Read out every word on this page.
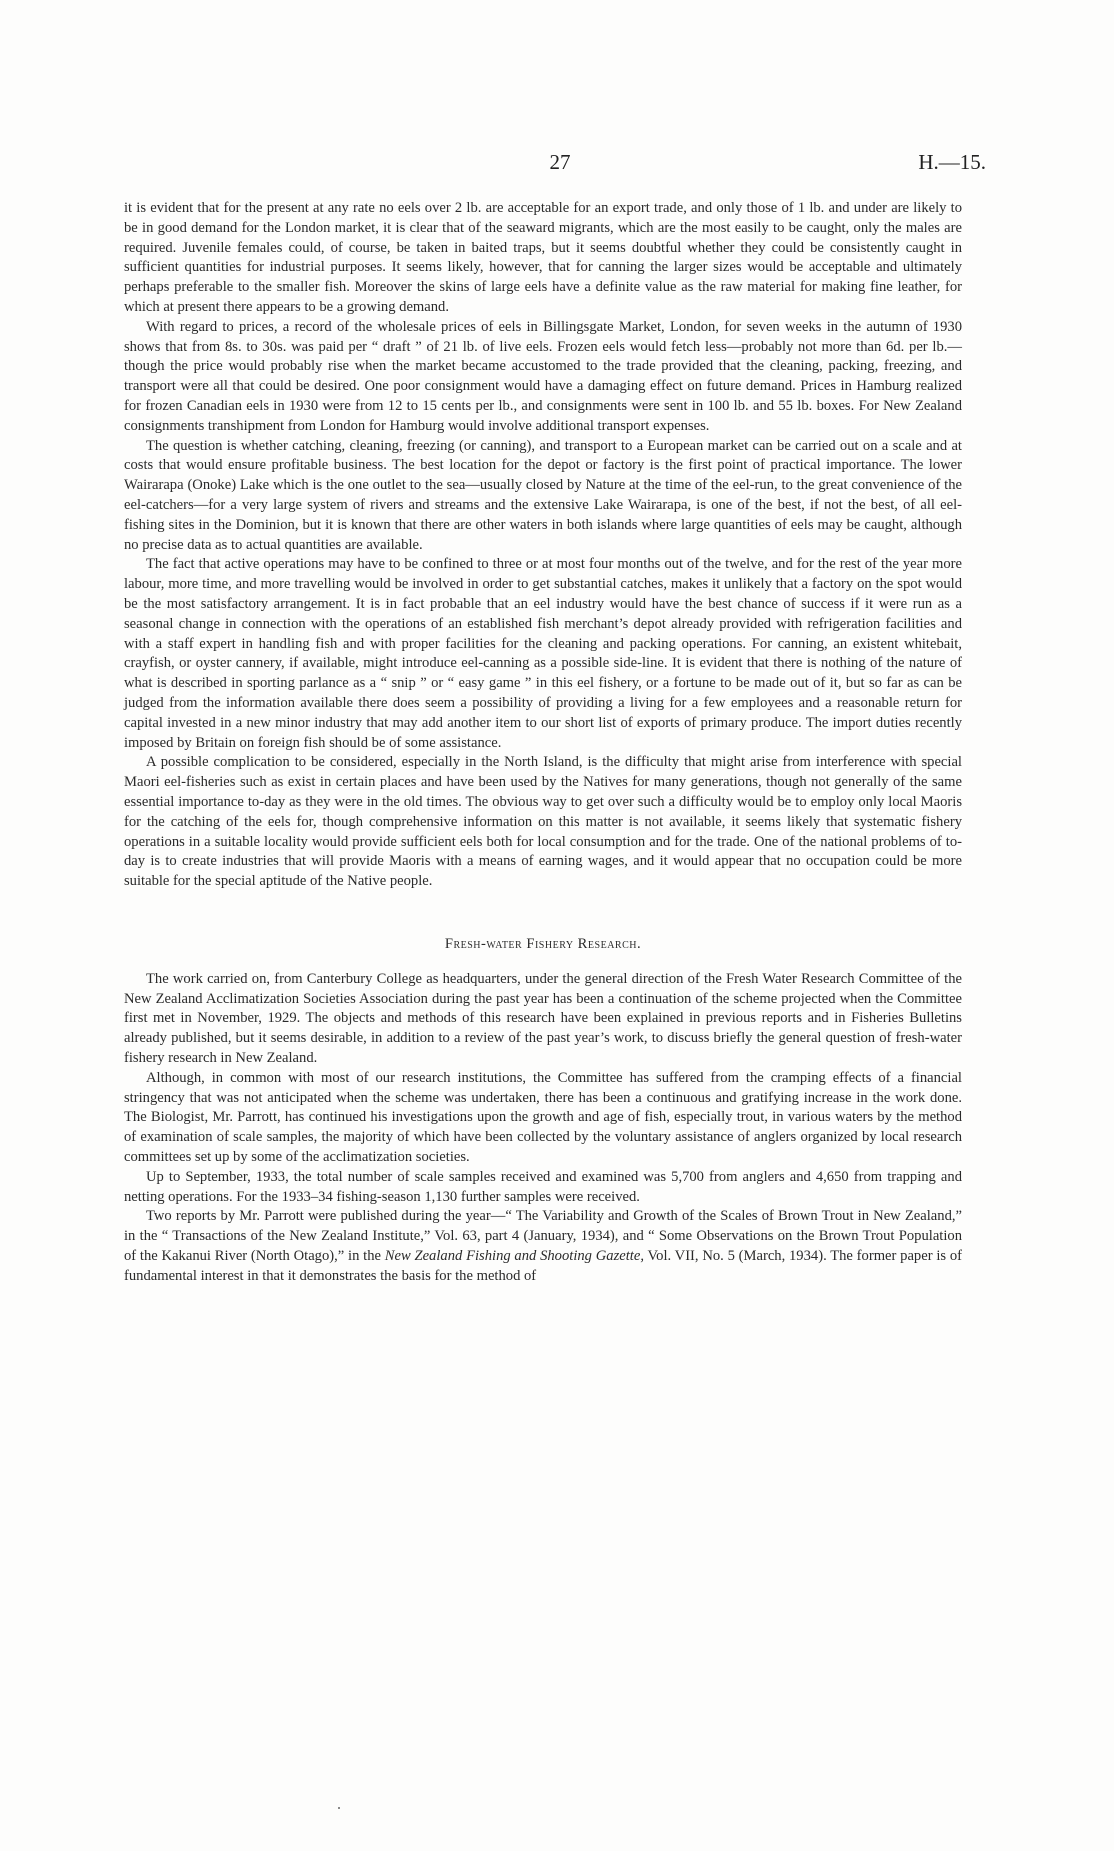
27	H.—15.

it is evident that for the present at any rate no eels over 2 lb. are acceptable for an export trade, and only those of 1 lb. and under are likely to be in good demand for the London market, it is clear that of the seaward migrants, which are the most easily to be caught, only the males are required. Juvenile females could, of course, be taken in baited traps, but it seems doubtful whether they could be consistently caught in sufficient quantities for industrial purposes. It seems likely, however, that for canning the larger sizes would be acceptable and ultimately perhaps preferable to the smaller fish. Moreover the skins of large eels have a definite value as the raw material for making fine leather, for which at present there appears to be a growing demand.

With regard to prices, a record of the wholesale prices of eels in Billingsgate Market, London, for seven weeks in the autumn of 1930 shows that from 8s. to 30s. was paid per “ draft ” of 21 lb. of live eels. Frozen eels would fetch less—probably not more than 6d. per lb.—though the price would probably rise when the market became accustomed to the trade provided that the cleaning, packing, freezing, and transport were all that could be desired. One poor consignment would have a damaging effect on future demand. Prices in Hamburg realized for frozen Canadian eels in 1930 were from 12 to 15 cents per lb., and consignments were sent in 100 lb. and 55 lb. boxes. For New Zealand consignments transhipment from London for Hamburg would involve additional transport expenses.

The question is whether catching, cleaning, freezing (or canning), and transport to a European market can be carried out on a scale and at costs that would ensure profitable business. The best location for the depot or factory is the first point of practical importance. The lower Wairarapa (Onoke) Lake which is the one outlet to the sea—usually closed by Nature at the time of the eel-run, to the great convenience of the eel-catchers—for a very large system of rivers and streams and the extensive Lake Wairarapa, is one of the best, if not the best, of all eel-fishing sites in the Dominion, but it is known that there are other waters in both islands where large quantities of eels may be caught, although no precise data as to actual quantities are available.

The fact that active operations may have to be confined to three or at most four months out of the twelve, and for the rest of the year more labour, more time, and more travelling would be involved in order to get substantial catches, makes it unlikely that a factory on the spot would be the most satisfactory arrangement. It is in fact probable that an eel industry would have the best chance of success if it were run as a seasonal change in connection with the operations of an established fish merchant’s depot already provided with refrigeration facilities and with a staff expert in handling fish and with proper facilities for the cleaning and packing operations. For canning, an existent whitebait, crayfish, or oyster cannery, if available, might introduce eel-canning as a possible side-line. It is evident that there is nothing of the nature of what is described in sporting parlance as a “ snip ” or “ easy game ” in this eel fishery, or a fortune to be made out of it, but so far as can be judged from the information available there does seem a possibility of providing a living for a few employees and a reasonable return for capital invested in a new minor industry that may add another item to our short list of exports of primary produce. The import duties recently imposed by Britain on foreign fish should be of some assistance.

A possible complication to be considered, especially in the North Island, is the difficulty that might arise from interference with special Maori eel-fisheries such as exist in certain places and have been used by the Natives for many generations, though not generally of the same essential importance to-day as they were in the old times. The obvious way to get over such a difficulty would be to employ only local Maoris for the catching of the eels for, though comprehensive information on this matter is not available, it seems likely that systematic fishery operations in a suitable locality would provide sufficient eels both for local consumption and for the trade. One of the national problems of to-day is to create industries that will provide Maoris with a means of earning wages, and it would appear that no occupation could be more suitable for the special aptitude of the Native people.

Fresh-water Fishery Research.

The work carried on, from Canterbury College as headquarters, under the general direction of the Fresh Water Research Committee of the New Zealand Acclimatization Societies Association during the past year has been a continuation of the scheme projected when the Committee first met in November, 1929. The objects and methods of this research have been explained in previous reports and in Fisheries Bulletins already published, but it seems desirable, in addition to a review of the past year’s work, to discuss briefly the general question of fresh-water fishery research in New Zealand.

Although, in common with most of our research institutions, the Committee has suffered from the cramping effects of a financial stringency that was not anticipated when the scheme was undertaken, there has been a continuous and gratifying increase in the work done. The Biologist, Mr. Parrott, has continued his investigations upon the growth and age of fish, especially trout, in various waters by the method of examination of scale samples, the majority of which have been collected by the voluntary assistance of anglers organized by local research committees set up by some of the acclimatization societies.

Up to September, 1933, the total number of scale samples received and examined was 5,700 from anglers and 4,650 from trapping and netting operations. For the 1933–34 fishing-season 1,130 further samples were received.

Two reports by Mr. Parrott were published during the year—“ The Variability and Growth of the Scales of Brown Trout in New Zealand,” in the “ Transactions of the New Zealand Institute,” Vol. 63, part 4 (January, 1934), and “ Some Observations on the Brown Trout Population of the Kakanui River (North Otago),” in the New Zealand Fishing and Shooting Gazette, Vol. VII, No. 5 (March, 1934). The former paper is of fundamental interest in that it demonstrates the basis for the method of
